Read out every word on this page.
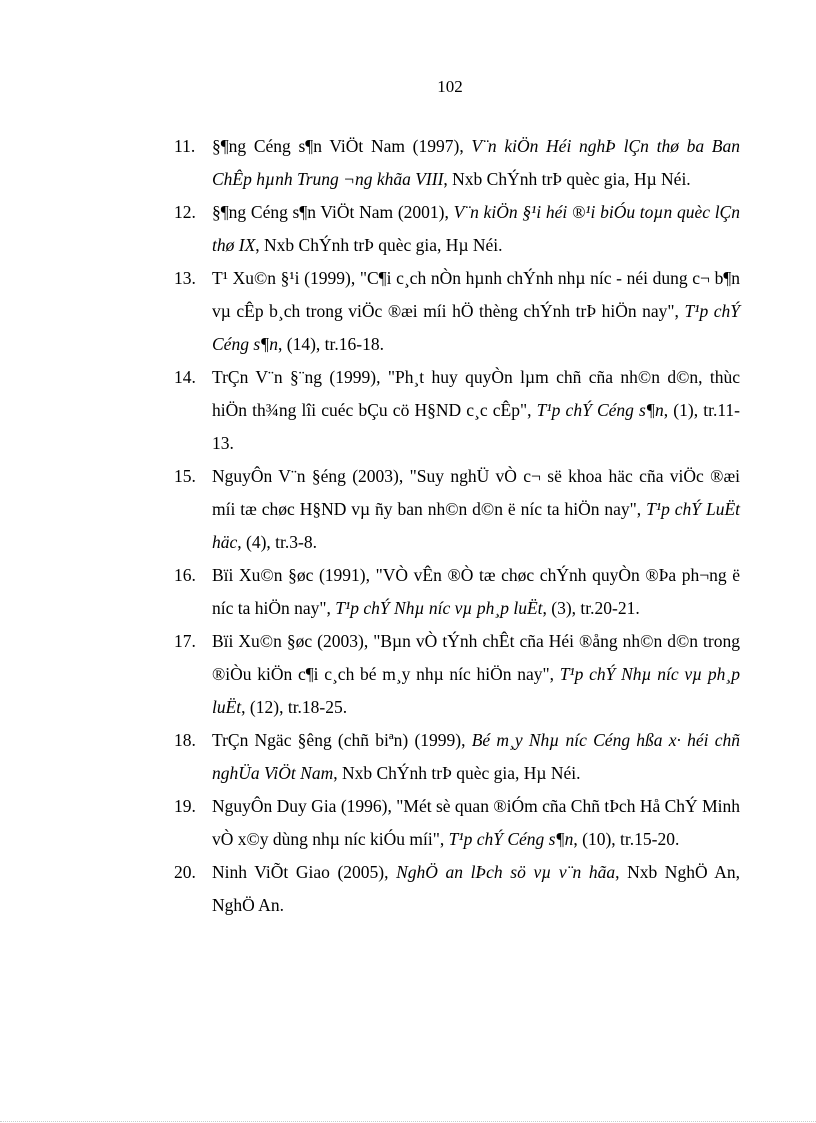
102
11. §¶ng Céng s¶n ViÖt Nam (1997), V¨n kiÖn Héi nghÞ lÇn thø ba Ban ChÊp hµnh Trung ¬ng khãa VIII, Nxb ChÝnh trÞ quèc gia, Hµ Néi.
12. §¶ng Céng s¶n ViÖt Nam (2001), V¨n kiÖn §¹i héi ®¹i biÓu toµn quèc lÇn thø IX, Nxb ChÝnh trÞ quèc gia, Hµ Néi.
13. T¹ Xu©n §¹i (1999), "C¶i c¸ch nÒn hµnh chÝnh nhµ níc - néi dung c¬ b¶n vµ cÊp b¸ch trong viÖc ®æi míi hÖ thèng chÝnh trÞ hiÖn nay", T¹p chÝ Céng s¶n, (14), tr.16-18.
14. TrÇn V¨n §¨ng (1999), "Ph¸t huy quyÒn lµm chñ cña nh©n d©n, thùc hiÖn th¾ng lîi cuéc bÇu cö H§ND c¸c cÊp", T¹p chÝ Céng s¶n, (1), tr.11-13.
15. NguyÔn V¨n §éng (2003), "Suy nghÜ vÒ c¬ së khoa häc cña viÖc ®æi míi tæ chøc H§ND vµ ñy ban nh©n d©n ë níc ta hiÖn nay", T¹p chÝ LuËt häc, (4), tr.3-8.
16. Bïi Xu©n §øc (1991), "VÒ vÊn ®Ò tæ chøc chÝnh quyÒn ®Þa ph¬ng ë níc ta hiÖn nay", T¹p chÝ Nhµ níc vµ ph¸p luËt, (3), tr.20-21.
17. Bïi Xu©n §øc (2003), "Bµn vÒ tÝnh chÊt cña Héi ®ång nh©n d©n trong ®iÒu kiÖn c¶i c¸ch bé m¸y nhµ níc hiÖn nay", T¹p chÝ Nhµ níc vµ ph¸p luËt, (12), tr.18-25.
18. TrÇn Ngäc §êng (chñ biªn) (1999), Bé m¸y Nhµ níc Céng hßa x· héi chñ nghÜa ViÖt Nam, Nxb ChÝnh trÞ quèc gia, Hµ Néi.
19. NguyÔn Duy Gia (1996), "Mét sè quan ®iÓm cña Chñ tÞch Hå ChÝ Minh vÒ x©y dùng nhµ níc kiÓu míi", T¹p chÝ Céng s¶n, (10), tr.15-20.
20. Ninh ViÕt Giao (2005), NghÖ an lÞch sö vµ v¨n hãa, Nxb NghÖ An, NghÖ An.
